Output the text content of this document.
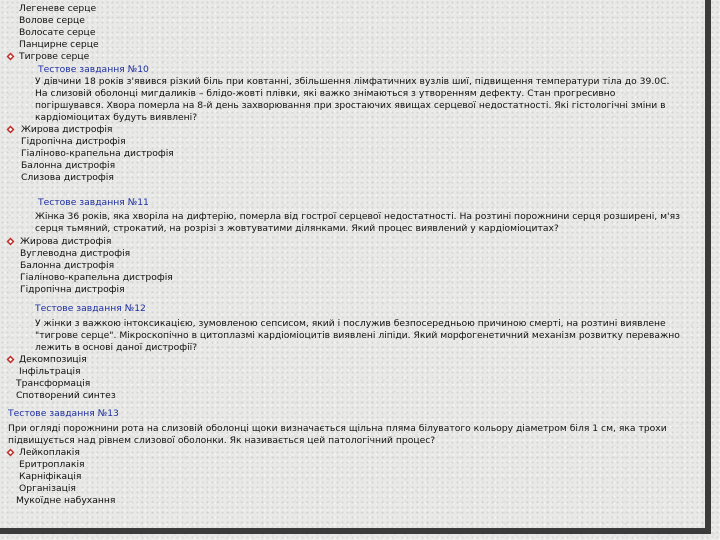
Легеневе серце
Воловe серце
Волосате серце
Панцирне серце
Тигрове серце
Тестове завдання №10
У дівчини 18 років з'явився різкий біль при ковтанні, збільшення лімфатичних вузлів шиї, підвищення температури тіла до 39.0С.
На слизовій оболонці мигдаликів – блідо-жовті плівки, які важко знімаються з утворенням дефекту. Стан прогресивно
погіршувався. Хвора померла на 8-й день захворювання при зростаючих явищах серцевої недостатності. Які гістологічні зміни в
кардіоміоцитах будуть виявлені?
Жирова дистрофія
Гідропічна дистрофія
Гіаліново-крапельна дистрофія
Балонна дистрофія
Слизова дистрофія
Тестове завдання №11
Жінка 36 років, яка хворіла на дифтерію, померла від гострої серцевої недостатності. На розтині порожнини серця розширені, м'яз
серця тьмяний, строкатий, на розрізі з жовтуватими ділянками. Який процес виявлений у кардіоміоцитах?
Жирова дистрофія
Вуглеводна дистрофія
Балонна дистрофія
Гіаліново-крапельна дистрофія
Гідропічна дистрофія
Тестове завдання №12
У жінки з важкою інтоксикацією, зумовленою сепсисом, який і послужив безпосередньою причиною смерті, на розтині виявлене
"тигрове серце". Мікроскопічно в цитоплазмі кардіоміоцитів виявлені ліпіди. Який морфогенетичний механізм розвитку переважно
лежить в основі даної дистрофії?
Декомпозиція
Інфільтрація
Трансформація
Спотворений синтез
Тестове завдання №13
При огляді порожнини рота на слизовій оболонці щоки визначається щільна пляма білуватого кольору діаметром біля 1 см, яка трохи
підвищується над рівнем слизової оболонки. Як називається цей патологічний процес?
Лейкоплакія
Еритроплакія
Карніфікація
Організація
Мукоїдне набухання
